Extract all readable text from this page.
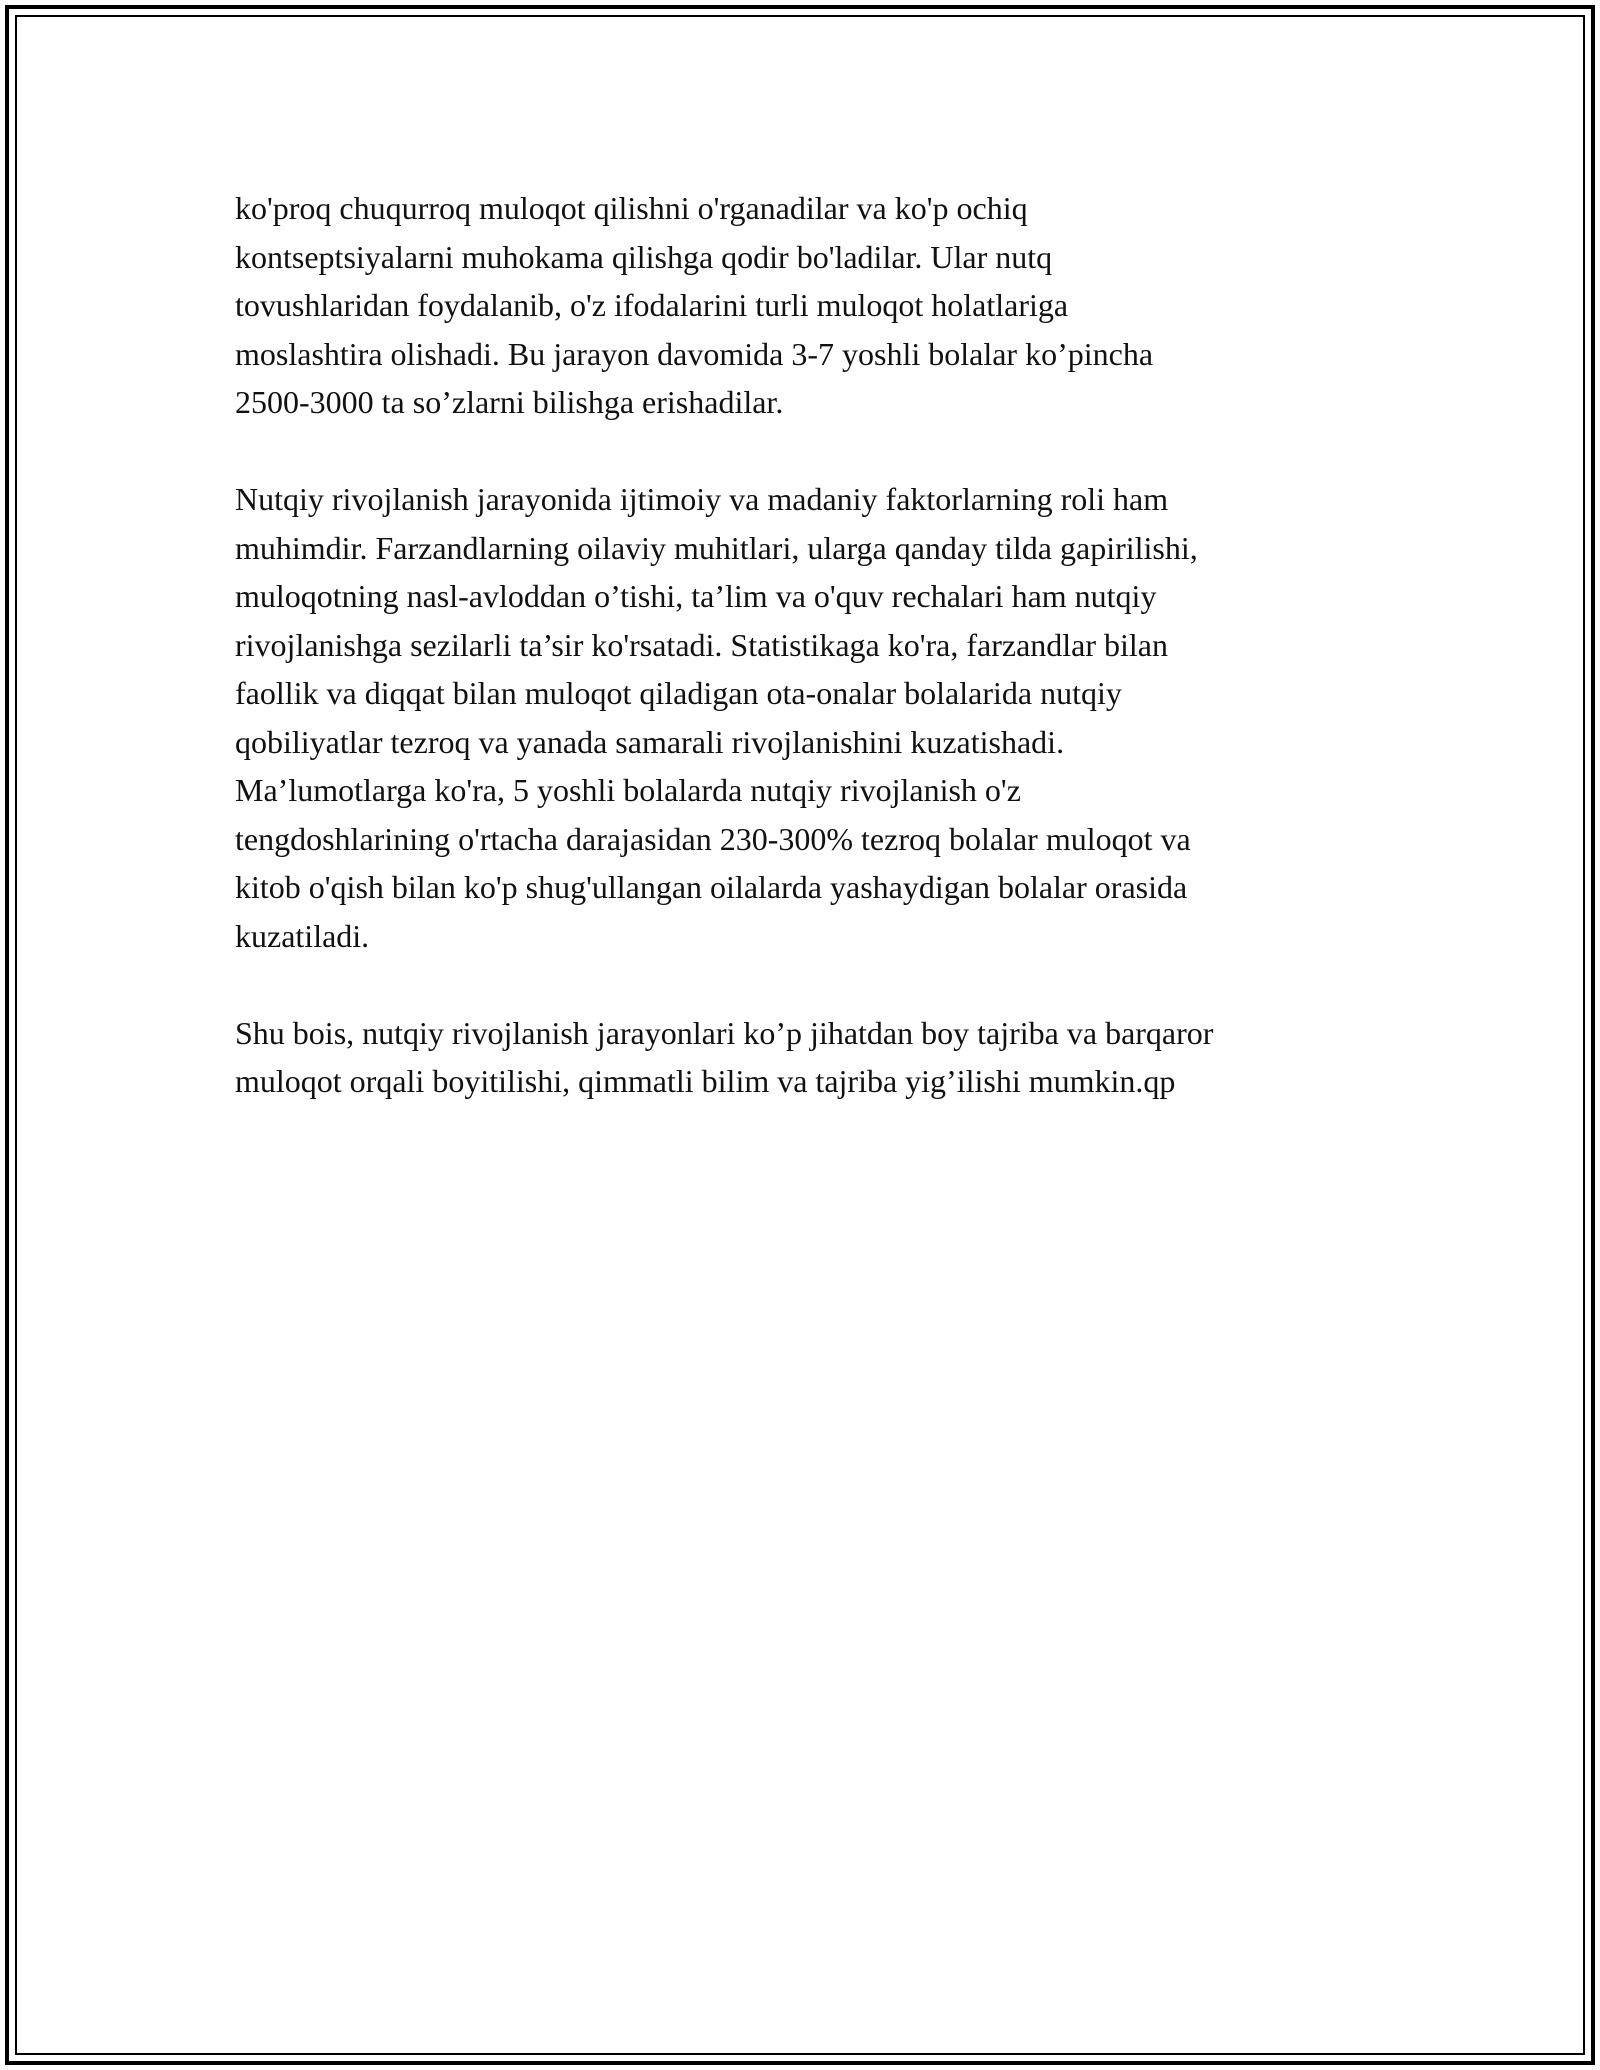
ko'proq chuqurroq muloqot qilishni o'rganadilar va ko'p ochiq
kontseptsiyalarni muhokama qilishga qodir bo'ladilar. Ular nutq
tovushlaridan foydalanib, o'z ifodalarini turli muloqot holatlariga
moslashtira olishadi. Bu jarayon davomida 3-7 yoshli bolalar ko’pincha
2500-3000 ta so’zlarni bilishga erishadilar.

Nutqiy rivojlanish jarayonida ijtimoiy va madaniy faktorlarning roli ham
muhimdir. Farzandlarning oilaviy muhitlari, ularga qanday tilda gapirilishi,
muloqotning nasl-avloddan o’tishi, ta’lim va o'quv rechalari ham nutqiy
rivojlanishga sezilarli ta’sir ko'rsatadi. Statistikaga ko'ra, farzandlar bilan
faollik va diqqat bilan muloqot qiladigan ota-onalar bolalarida nutqiy
qobiliyatlar tezroq va yanada samarali rivojlanishini kuzatishadi.
Ma’lumotlarga ko'ra, 5 yoshli bolalarda nutqiy rivojlanish o'z
tengdoshlarining o'rtacha darajasidan 230-300% tezroq bolalar muloqot va
kitob o'qish bilan ko'p shug'ullangan oilalarda yashaydigan bolalar orasida
kuzatiladi.

Shu bois, nutqiy rivojlanish jarayonlari ko’p jihatdan boy tajriba va barqaror
muloqot orqali boyitilishi, qimmatli bilim va tajriba yig’ilishi mumkin.qp
